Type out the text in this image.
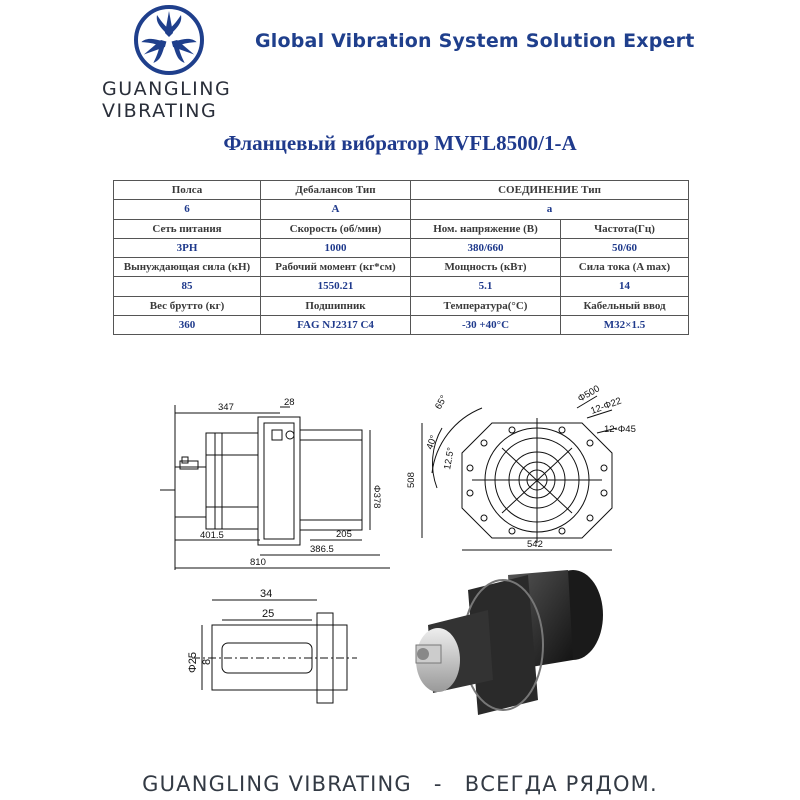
GUANGLING
VIBRATING
Global Vibration System Solution Expert
Фланцевый вибратор MVFL8500/1-A
Полса	Дебалансов Тип	СОЕДИНЕНИЕ Тип	
6	A	a	
Сеть питания	Скорость (об/мин)	Ном. напряжение (В)	Частота(Гц)
3PH	1000	380/660	50/60
Вынуждающая сила (кН)	Рабочий момент (кг*см)	Мощность (кВт)	Сила тока (A max)
85	1550.21	5.1	14
Вес брутто (кг)	Подшипник	Температура(°C)	Кабельный ввод
360	FAG NJ2317 C4	-30 +40°C	M32×1.5
347	28
Φ378
205
401.5
386.5
810
65°
40°
12.5°
Φ500
12-Φ22
12-Φ45
508
542
34
25
Φ25 8
GUANGLING VIBRATING - ВСЕГДА РЯДОМ.
